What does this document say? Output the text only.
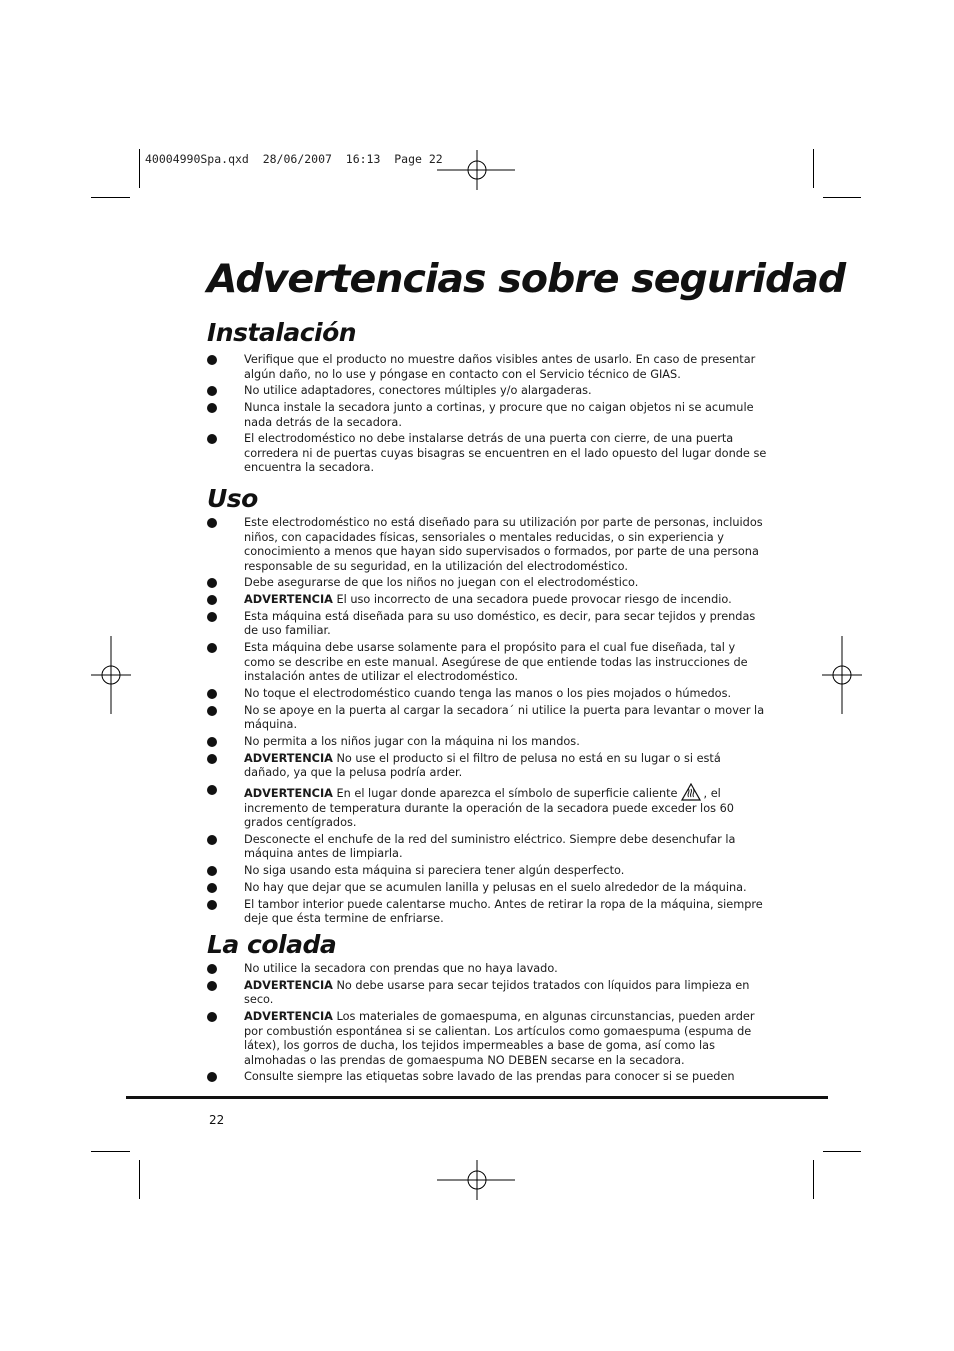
40004990Spa.qxd  28/06/2007  16:13  Page 22
Advertencias sobre seguridad
Instalación
Verifique que el producto no muestre daños visibles antes de usarlo. En caso de presentar algún daño, no lo use y póngase en contacto con el Servicio técnico de GIAS.
No utilice adaptadores, conectores múltiples y/o alargaderas.
Nunca instale la secadora junto a cortinas, y procure que no caigan objetos ni se acumule nada detrás de la secadora.
El electrodoméstico no debe instalarse detrás de una puerta con cierre, de una puerta corredera ni de puertas cuyas bisagras se encuentren en el lado opuesto del lugar donde se encuentra la secadora.
Uso
Este electrodoméstico no está diseñado para su utilización por parte de personas, incluidos niños, con capacidades físicas, sensoriales o mentales reducidas, o sin experiencia y conocimiento a menos que hayan sido supervisados o formados, por parte de una persona responsable de su seguridad, en la utilización del electrodoméstico.
Debe asegurarse de que los niños no juegan con el electrodoméstico.
ADVERTENCIA El uso incorrecto de una secadora puede provocar riesgo de incendio.
Esta máquina está diseñada para su uso doméstico, es decir, para secar tejidos y prendas de uso familiar.
Esta máquina debe usarse solamente para el propósito para el cual fue diseñada, tal y como se describe en este manual. Asegúrese de que entiende todas las instrucciones de instalación antes de utilizar el electrodoméstico.
No toque el electrodoméstico cuando tenga las manos o los pies mojados o húmedos.
No se apoye en la puerta al cargar la secadora´ ni utilice la puerta para levantar o mover la máquina.
No permita a los niños jugar con la máquina ni los mandos.
ADVERTENCIA No use el producto si el filtro de pelusa no está en su lugar o si está dañado, ya que la pelusa podría arder.
ADVERTENCIA En el lugar donde aparezca el símbolo de superficie caliente , el incremento de temperatura durante la operación de la secadora puede exceder los 60 grados centígrados.
Desconecte el enchufe de la red del suministro eléctrico. Siempre debe desenchufar la máquina antes de limpiarla.
No siga usando esta máquina si pareciera tener algún desperfecto.
No hay que dejar que se acumulen lanilla y pelusas en el suelo alrededor de la máquina.
El tambor interior puede calentarse mucho. Antes de retirar la ropa de la máquina, siempre deje que ésta termine de enfriarse.
La colada
No utilice la secadora con prendas que no haya lavado.
ADVERTENCIA No debe usarse para secar tejidos tratados con líquidos para limpieza en seco.
ADVERTENCIA Los materiales de gomaespuma, en algunas circunstancias, pueden arder por combustión espontánea si se calientan. Los artículos como gomaespuma (espuma de látex), los gorros de ducha, los tejidos impermeables a base de goma, así como las almohadas o las prendas de gomaespuma NO DEBEN secarse en la secadora.
Consulte siempre las etiquetas sobre lavado de las prendas para conocer si se pueden
22
